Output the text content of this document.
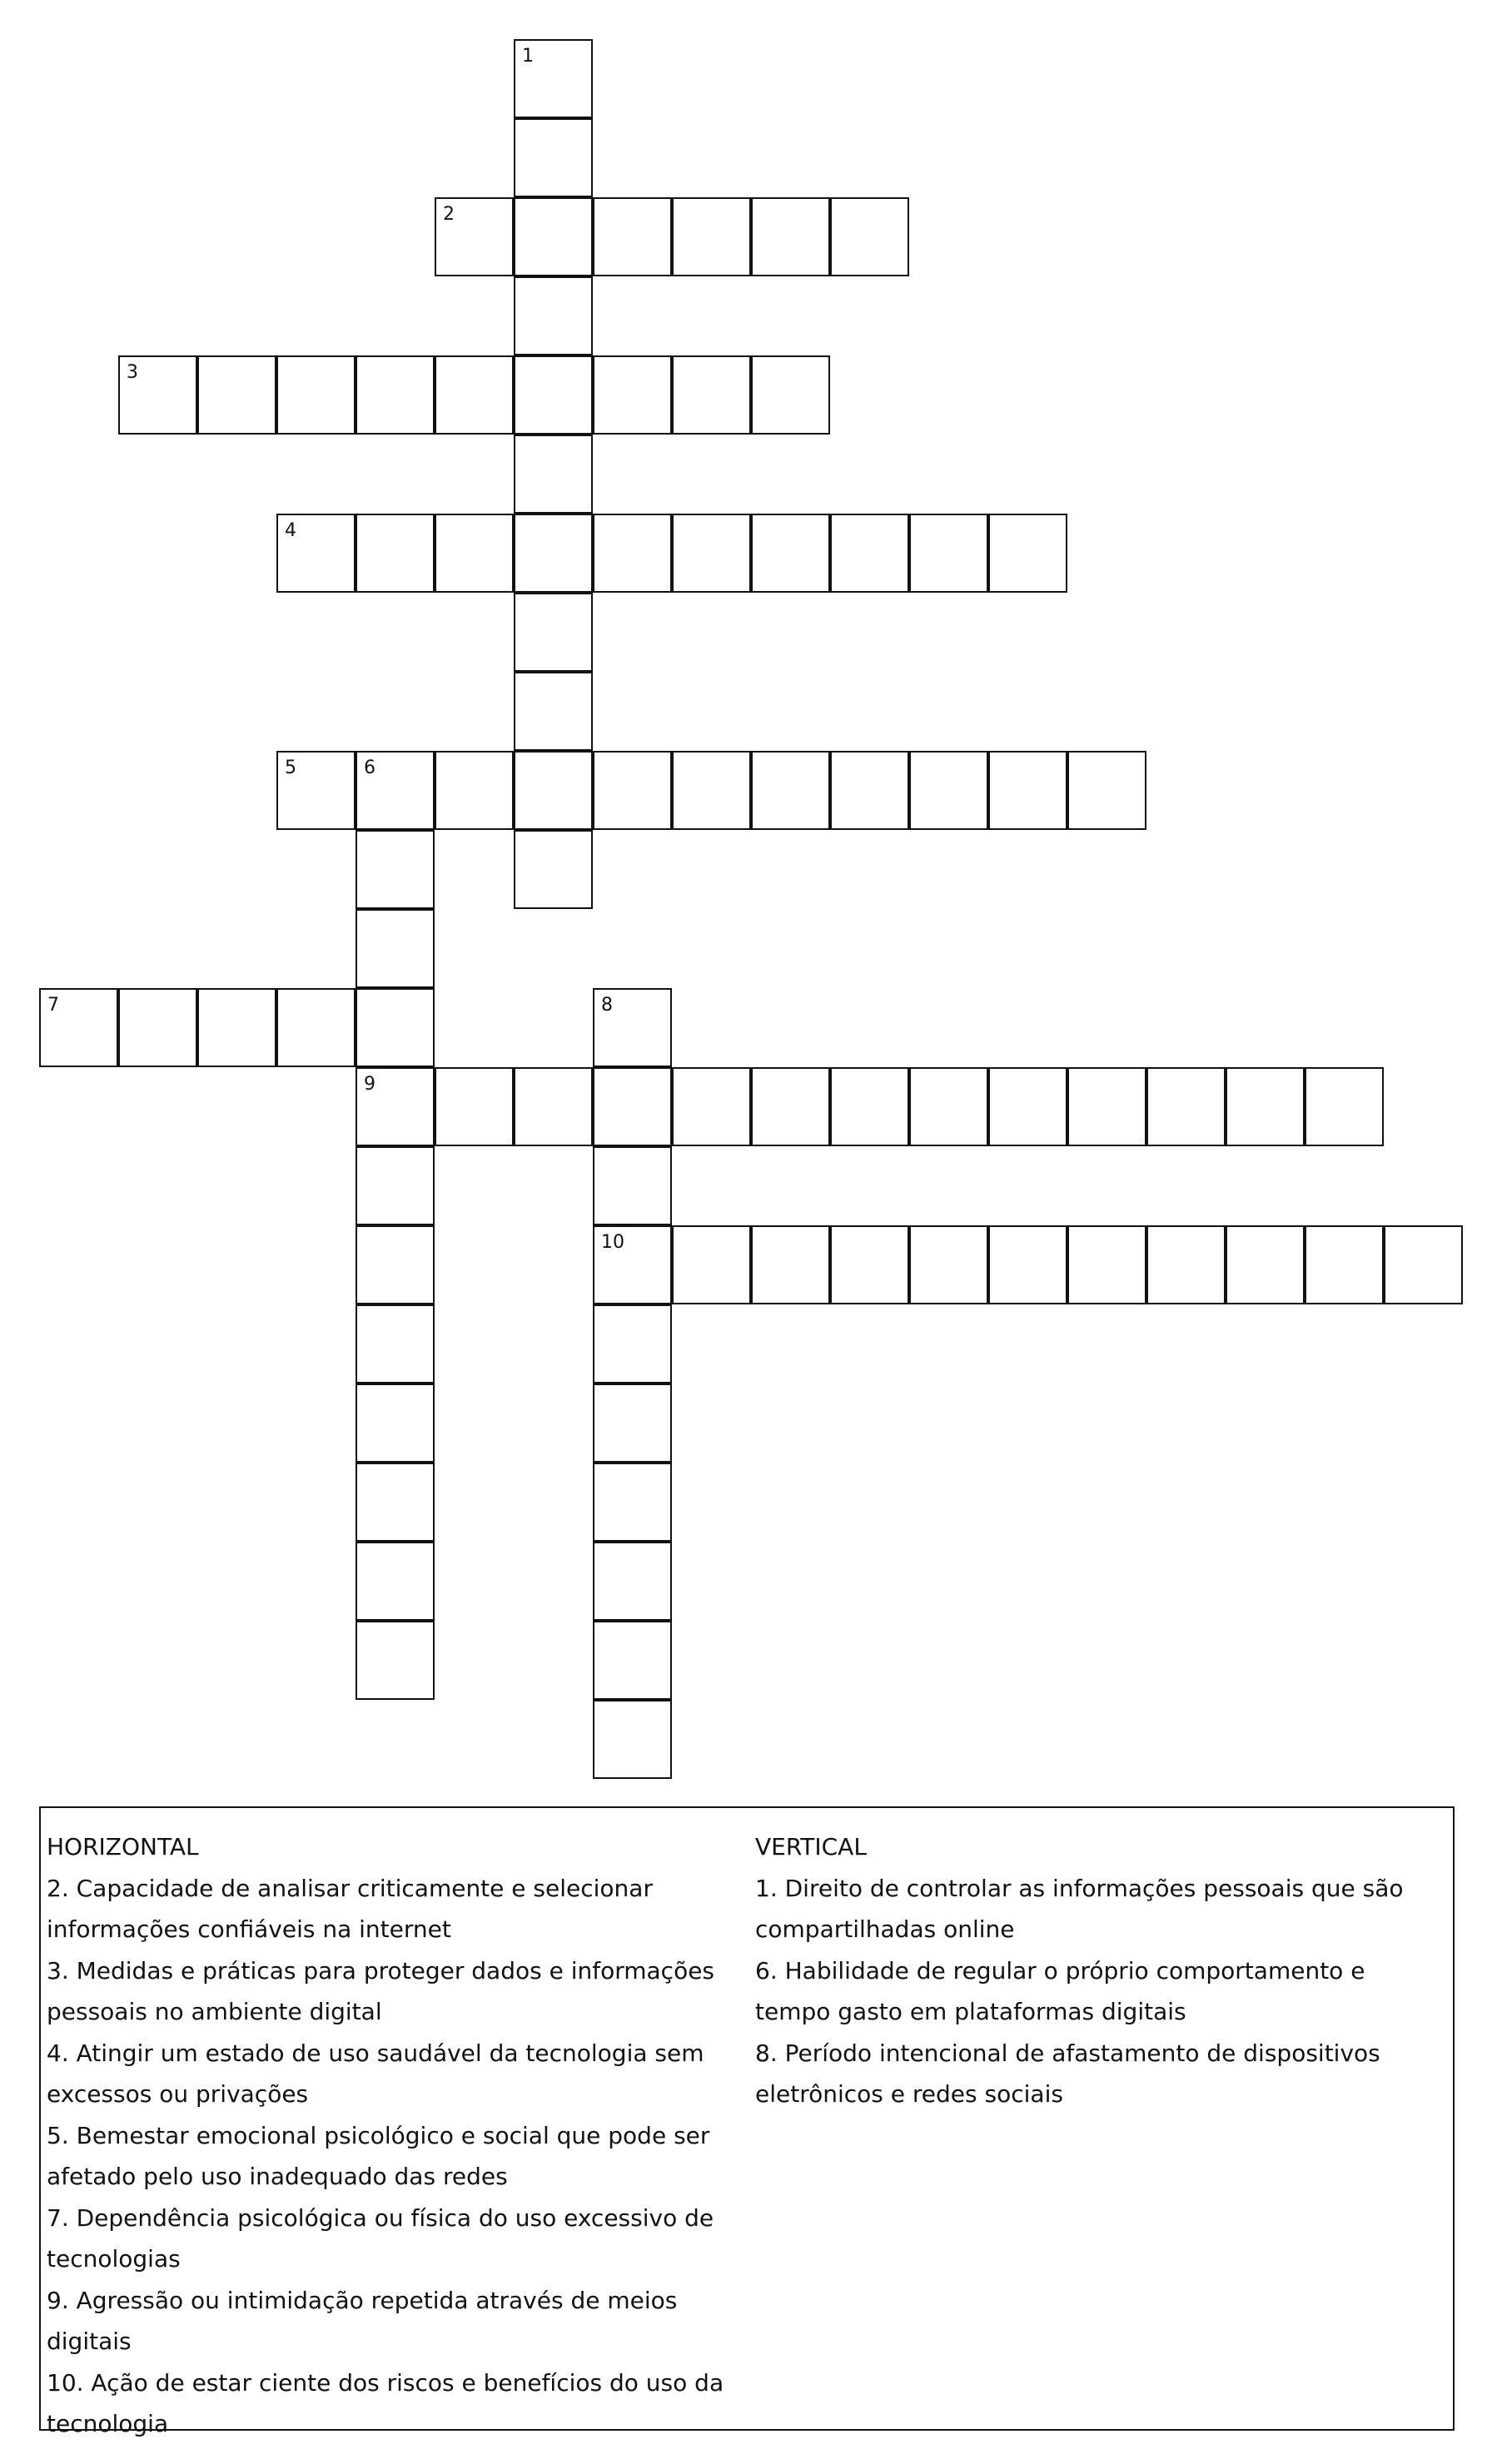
1
2
3
4
5	6
9
7	8
10
HORIZONTAL
2. Capacidade de analisar criticamente e selecionar informações confiáveis na internet
3. Medidas e práticas para proteger dados e informações pessoais no ambiente digital
4. Atingir um estado de uso saudável da tecnologia sem excessos ou privações
5. Bemestar emocional psicológico e social que pode ser afetado pelo uso inadequado das redes
7. Dependência psicológica ou física do uso excessivo de tecnologias
9. Agressão ou intimidação repetida através de meios digitais
10. Ação de estar ciente dos riscos e benefícios do uso da tecnologia
VERTICAL
1. Direito de controlar as informações pessoais que são compartilhadas online
6. Habilidade de regular o próprio comportamento e tempo gasto em plataformas digitais
8. Período intencional de afastamento de dispositivos eletrônicos e redes sociais
